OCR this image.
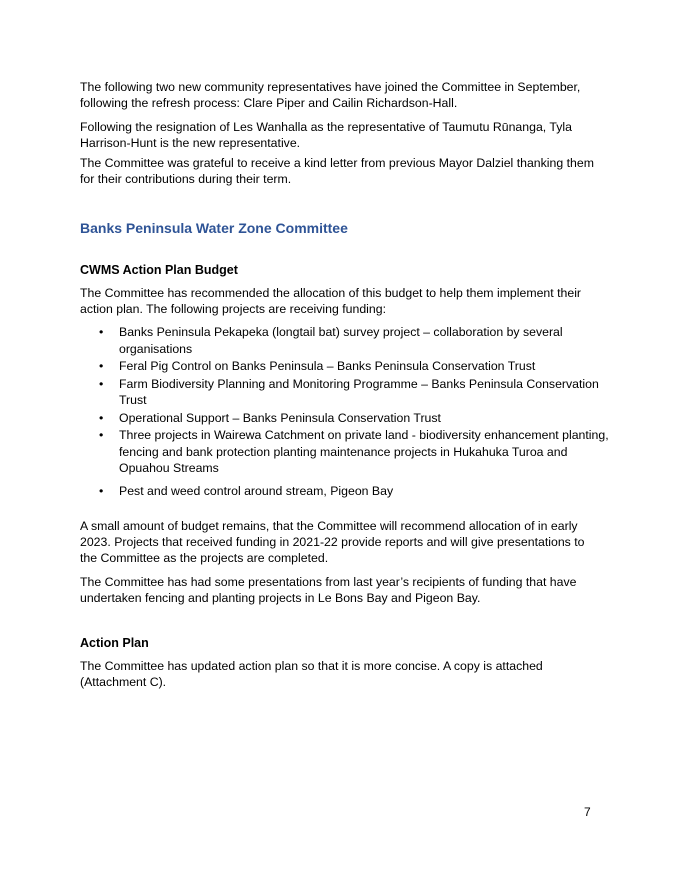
The following two new community representatives have joined the Committee in September, following the refresh process: Clare Piper and Cailin Richardson-Hall.

Following the resignation of Les Wanhalla as the representative of Taumutu Rūnanga, Tyla Harrison-Hunt is the new representative.

The Committee was grateful to receive a kind letter from previous Mayor Dalziel thanking them for their contributions during their term.

Banks Peninsula Water Zone Committee
CWMS Action Plan Budget

The Committee has recommended the allocation of this budget to help them implement their action plan. The following projects are receiving funding:

• Banks Peninsula Pekapeka (longtail bat) survey project – collaboration by several organisations
• Feral Pig Control on Banks Peninsula – Banks Peninsula Conservation Trust
• Farm Biodiversity Planning and Monitoring Programme – Banks Peninsula Conservation Trust
• Operational Support – Banks Peninsula Conservation Trust
• Three projects in Wairewa Catchment on private land - biodiversity enhancement planting, fencing and bank protection planting maintenance projects in Hukahuka Turoa and Opuahou Streams
• Pest and weed control around stream, Pigeon Bay

A small amount of budget remains, that the Committee will recommend allocation of in early 2023. Projects that received funding in 2021-22 provide reports and will give presentations to the Committee as the projects are completed.

The Committee has had some presentations from last year’s recipients of funding that have undertaken fencing and planting projects in Le Bons Bay and Pigeon Bay.

Action Plan

The Committee has updated action plan so that it is more concise. A copy is attached (Attachment C).

7
